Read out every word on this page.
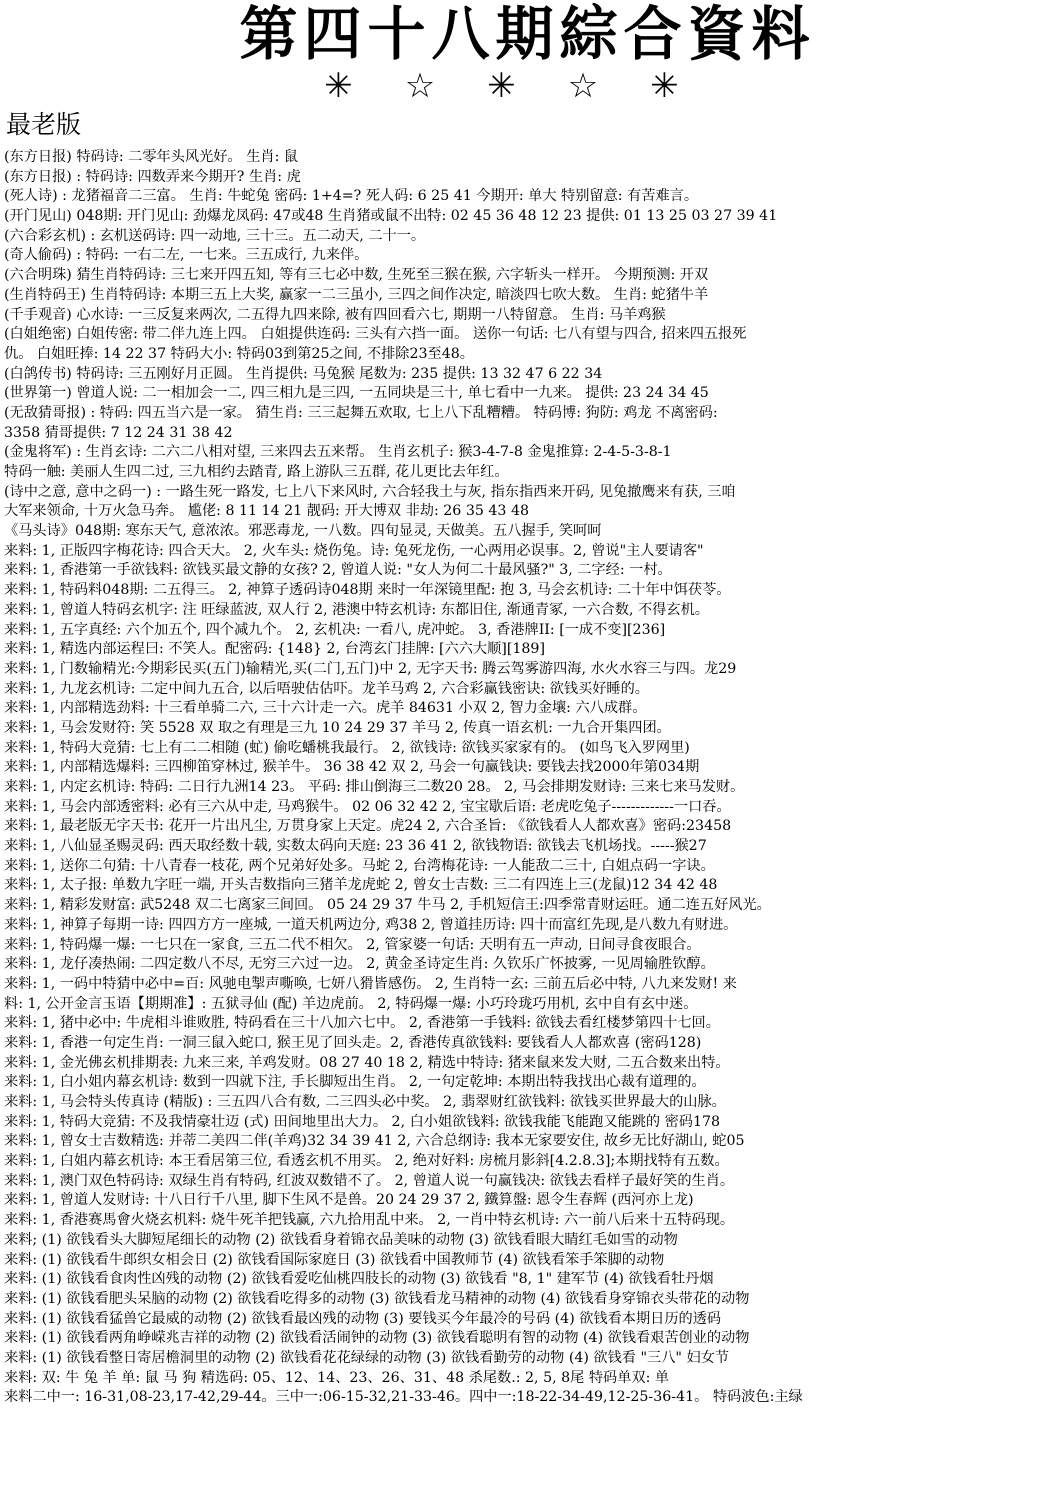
第四十八期綜合資料
✳☆✳☆✳
最老版
(东方日报) 特码诗: 二零年头风光好。 生肖: 鼠
(东方日报) : 特码诗: 四数弄来今期开? 生肖: 虎
(死人诗) : 龙猪福音二三富。 生肖: 牛蛇兔 密码: 1+4=? 死人码: 6 25 41 今期开: 单大 特别留意: 有苦难言。
(开门见山) 048期: 开门见山: 劲爆龙凤码: 47或48 生肖猪或鼠不出特: 02 45 36 48 12 23 提供: 01 13 25 03 27 39 41
(六合彩玄机) : 玄机送码诗: 四一动地, 三十三。五二动天, 二十一。
(奇人偷码) : 特码: 一右二左, 一七来。三五成行, 九来伴。
(六合明珠) 猜生肖特码诗: 三七来开四五知, 等有三七必中数, 生死至三猴在猴, 六字斩头一样开。 今期预测: 开双
(生肖特码王) 生肖特码诗: 本期三五上大奖, 赢家一二三虽小, 三四之间作决定, 暗淡四七吹大数。 生肖: 蛇猪牛羊
(千手观音) 心水诗: 一三反复来两次, 二五得九四来除, 被有四回看六七, 期期一八特留意。 生肖: 马羊鸡猴
(白姐绝密) 白姐传密: 带二伴九连上四。 白姐提供连码: 三头有六挡一面。 送你一句话: 七八有望与四合, 招来四五报死
仇。 白姐旺捧: 14 22 37 特码大小: 特码03到第25之间, 不排除23至48。
(白鸽传书) 特码诗: 三五刚好月正圆。 生肖提供: 马兔猴 尾数为: 235 提供: 13 32 47 6 22 34
(世界第一) 曾道人说: 二一相加会一二, 四三相九是三四, 一五同块是三十, 单七看中一九来。 提供: 23 24 34 45
(无敌猜哥报) : 特码: 四五当六是一家。 猜生肖: 三三起舞五欢取, 七上八下乱糟糟。 特码博: 狗防: 鸡龙 不离密码:
3358 猜哥提供: 7 12 24 31 38 42
(金鬼将军) : 生肖玄诗: 二六二八相对望, 三来四去五来帮。 生肖玄机子: 猴3-4-7-8 金鬼推算: 2-4-5-3-8-1
特码一触: 美丽人生四二过, 三九相约去踏青, 路上游队三五群, 花儿更比去年红。
(诗中之意, 意中之码一) : 一路生死一路发, 七上八下来风时, 六合轻我土与灰, 指东指西来开码, 见兔撤鹰来有获, 三咱
大军来领命, 十万火急马奔。 尴佬: 8 11 14 21 靓码: 开大博双 非劫: 26 35 43 48
《马头诗》048期: 寒东天气, 意浓浓。邪恶毒龙, 一八数。四旬显灵, 天做美。五八握手, 笑呵呵
来料: 1, 正版四字梅花诗: 四合天大。 2, 火车头: 烧伤兔。诗: 兔死龙伤, 一心两用必误事。2, 曾说"主人要请客"
来料: 1, 香港第一手欲钱料: 欲钱买最文静的女孩? 2, 曾道人说: "女人为何二十最风骚?" 3, 二字经: 一村。
来料: 1, 特码料048期: 二五得三。 2, 神算子透码诗048期 来时一年深镜里配: 抱 3, 马会玄机诗: 二十年中饵茯苓。
来料: 1, 曾道人特码玄机字: 注 旺绿蓝波, 双人行 2, 港澳中特玄机诗: 东都旧住, 渐通青冢, 一六合数, 不得玄机。
来料: 1, 五字真经: 六个加五个, 四个减九个。 2, 玄机决: 一看八, 虎冲蛇。 3, 香港牌II: [一成不变][236]
来料: 1, 精选内部运程曰: 不笑人。配密码: {148} 2, 台湾玄门挂牌: [六六大顺][189]
来料: 1, 门数输精光:今期彩民买(五门)输精光,买(二门,五门)中 2, 无字天书: 腾云驾雾游四海, 水火水容三与四。龙29
来料: 1, 九龙玄机诗: 二定中间九五合, 以后唔驶估估吓。龙羊马鸡 2, 六合彩赢钱密诀: 欲钱买好睡的。
来料: 1, 内部精选劲料: 十三看单骑二六, 三十六计走一六。虎羊 84631 小双 2, 智力金壤: 六八成群。
来料: 1, 马会发财符: 笑 5528 双 取之有理是三九 10 24 29 37 羊马 2, 传真一语玄机: 一九合开集四团。
来料: 1, 特码大竞猜: 七上有二二相随 (虻) 偷吃蟠桃我最行。 2, 欲钱诗: 欲钱买家家有的。 (如鸟飞入罗网里)
来料: 1, 内部精选爆料: 三四柳笛穿林过, 猴羊牛。 36 38 42 双 2, 马会一句赢钱诀: 要钱去找2000年第034期
来料: 1, 内定玄机诗: 特码: 二日行九洲14 23。 平码: 排山倒海三二数20 28。 2, 马会排期发财诗: 三来七来马发财。
来料: 1, 马会内部透密料: 必有三六从中走, 马鸡猴牛。 02 06 32 42 2, 宝宝歇后语: 老虎吃兔子-------------一口吞。
来料: 1, 最老版无字天书: 花开一片出凡尘, 万贯身家上天定。虎24 2, 六合圣旨: 《欲钱看人人都欢喜》密码:23458
来料: 1, 八仙显圣赐灵码: 西天取经数十载, 实数太码向天庭: 23 36 41 2, 欲钱物语: 欲钱去飞机场找。-----猴27
来料: 1, 送你二句猜: 十八青春一枝花, 两个兄弟好处多。马蛇 2, 台湾梅花诗: 一人能敌二三十, 白姐点码一字诀。
来料: 1, 太子报: 单数九字旺一端, 开头吉数指向三猪羊龙虎蛇 2, 曾女士吉数: 三二有四连上三(龙鼠)12 34 42 48
来料: 1, 精彩发财富: 武5248 双二七离家三间回。 05 24 29 37 牛马 2, 手机短信王:四季常青财运旺。通二连五好风光。
来料: 1, 神算子每期一诗: 四四方方一座城, 一道天机两边分, 鸡38 2, 曾道挂历诗: 四十而富红先现,是八数九有财进。
来料: 1, 特码爆一爆: 一七只在一家食, 三五二代不相欠。 2, 管家婆一句话: 天明有五一声动, 日间寻食夜眼合。
来料: 1, 龙仔凑热闹: 二四定数八不尽, 无穷三六过一边。 2, 黄金圣诗定生肖: 久钦乐广怀披雾, 一见周输胜钦醇。
来料: 1, 一码中特猜中必中=百: 风驰电掣声嘶唤, 七妍八猾皆感伤。 2, 生肖特一玄: 三前五后必中特, 八九来发财! 来
料: 1, 公开金言玉语【期期准】: 五狱寻仙 (配) 羊边虎前。 2, 特码爆一爆: 小巧玲珑巧用机, 玄中自有玄中迷。
来料: 1, 猪中必中: 牛虎相斗谁败胜, 特码看在三十八加六七中。 2, 香港第一手钱料: 欲钱去看红楼梦第四十七回。
来料: 1, 香港一句定生肖: 一洞三鼠入蛇口, 猴王见了回头走。2, 香港传真欲钱料: 要钱看人人都欢喜 (密码128)
来料: 1, 金光佛玄机排期表: 九来三来, 羊鸡发财。08 27 40 18 2, 精选中特诗: 猪来鼠来发大财, 二五合数来出特。
来料: 1, 白小姐内幕玄机诗: 数到一四就下注, 手长脚短出生肖。 2, 一句定乾坤: 本期出特我找出心裁有道理的。
来料: 1, 马会特头传真诗 (精版) : 三五四八合有数, 二三四头必中奖。 2, 翡翠财红欲钱料: 欲钱买世界最大的山脉。
来料: 1, 特码大竞猜: 不及我情豪壮迈 (式) 田间地里出大力。 2, 白小姐欲钱料: 欲钱我能飞能跑又能跳的 密码178
来料: 1, 曾女士吉数精选: 并蒂二美四二伴(羊鸡)32 34 39 41 2, 六合总纲诗: 我本无家要安住, 故乡无比好湖山, 蛇05
来料: 1, 白姐内幕玄机诗: 本王看居第三位, 看透玄机不用买。 2, 绝对好料: 房梳月影斜[4.2.8.3];本期找特有五数。
来料: 1, 澳门双色特码诗: 双绿生肖有特码, 红波双数错不了。 2, 曾道人说一句赢钱决: 欲钱去看样子最好笑的生肖。
来料: 1, 曾道人发财诗: 十八日行千八里, 脚下生风不是兽。20 24 29 37 2, 鐵算盤: 恩令生春辉 (西河亦上龙)
来料: 1, 香港赛馬會火烧玄机料: 烧牛死羊把钱赢, 六九拾用乱中来。 2, 一肖中特玄机诗: 六一前八后来十五特码现。
来料; (1) 欲钱看头大脚短尾细长的动物 (2) 欲钱看身着锦衣品美味的动物 (3) 欲钱看眼大睛红毛如雪的动物
来料: (1) 欲钱看牛郎织女相会日 (2) 欲钱看国际家庭日 (3) 欲钱看中国教师节 (4) 欲钱看笨手笨脚的动物
来料: (1) 欲钱看食肉性凶残的动物 (2) 欲钱看爱吃仙桃四肢长的动物 (3) 欲钱看 "8, 1" 建军节 (4) 欲钱看牡丹烟
来料: (1) 欲钱看肥头呆脑的动物 (2) 欲钱看吃得多的动物 (3) 欲钱看龙马精神的动物 (4) 欲钱看身穿锦衣头带花的动物
来料: (1) 欲钱看猛兽它最威的动物 (2) 欲钱看最凶残的动物 (3) 要钱买今年最冷的号码 (4) 欲钱看本期日历的透码
来料: (1) 欲钱看两角峥嵘兆吉祥的动物 (2) 欲钱看活闹钟的动物 (3) 欲钱看聪明有智的动物 (4) 欲钱看艰苦创业的动物
来料: (1) 欲钱看整日寄居檐洞里的动物 (2) 欲钱看花花绿绿的动物 (3) 欲钱看勤劳的动物 (4) 欲钱看 "三八" 妇女节
来料: 双: 牛 兔 羊 单: 鼠 马 狗 精选码: 05、12、14、23、26、31、48 杀尾数.: 2, 5, 8尾 特码单双: 单
来料二中一: 16-31,08-23,17-42,29-44。三中一:06-15-32,21-33-46。四中一:18-22-34-49,12-25-36-41。 特码波色:主绿
